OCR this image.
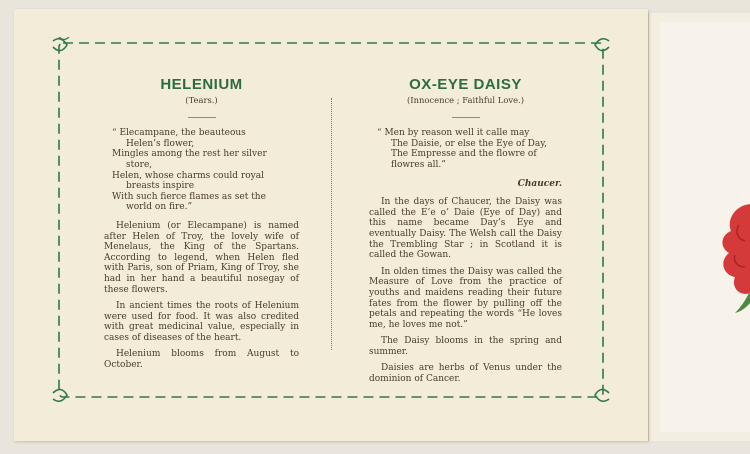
HELENIUM
(Tears.)

“ Elecampane, the beauteous

Helen’s flower,

Mingles among the rest her silver

store,

Helen, whose charms could royal

breasts inspire

With such fierce flames as set the

world on fire.”

Helenium (or Elecampane) is named after Helen of Troy, the lovely wife of Menelaus, the King of the Spartans. According to legend, when Helen fled with Paris, son of Priam, King of Troy, she had in her hand a beautiful nosegay of these flowers.

In ancient times the roots of Helenium were used for food. It was also credited with great medicinal value, especially in cases of diseases of the heart.

Helenium blooms from August to October.

OX-EYE DAISY
(Innocence ; Faithful Love.)

“ Men by reason well it calle may

The Daisie, or else the Eye of Day,

The Empresse and the flowre of

flowres all.”

Chaucer.

In the days of Chaucer, the Daisy was called the E’e o’ Daie (Eye of Day) and this name became Day’s Eye and eventually Daisy. The Welsh call the Daisy the Trembling Star ; in Scotland it is called the Gowan.

In olden times the Daisy was called the Measure of Love from the practice of youths and maidens reading their future fates from the flower by pulling off the petals and repeating the words “He loves me, he loves me not.”

The Daisy blooms in the spring and summer.

Daisies are herbs of Venus under the dominion of Cancer.
